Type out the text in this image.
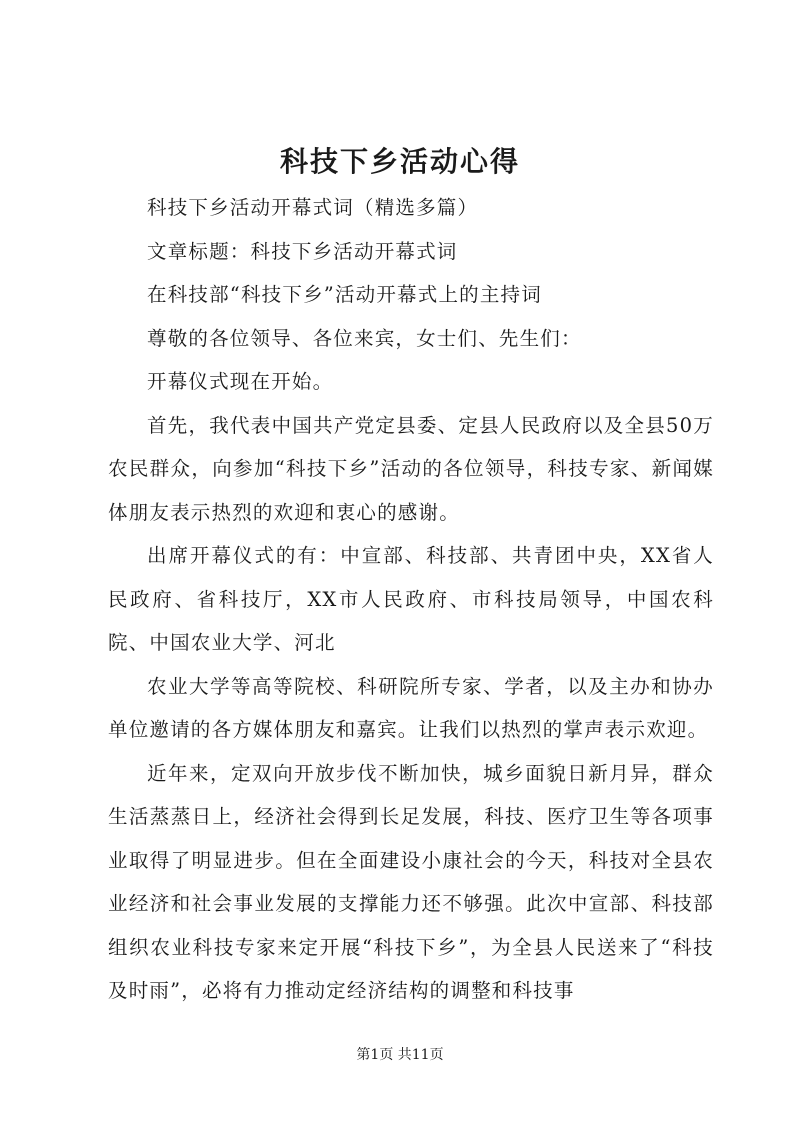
科技下乡活动心得

科技下乡活动开幕式词（精选多篇）

文章标题：科技下乡活动开幕式词

在科技部“科技下乡”活动开幕式上的主持词

尊敬的各位领导、各位来宾，女士们、先生们：

开幕仪式现在开始。

首先，我代表中国共产党定县委、定县人民政府以及全县50万农民群众，向参加“科技下乡”活动的各位领导，科技专家、新闻媒体朋友表示热烈的欢迎和衷心的感谢。

出席开幕仪式的有：中宣部、科技部、共青团中央，XX省人民政府、省科技厅，XX市人民政府、市科技局领导，中国农科院、中国农业大学、河北

农业大学等高等院校、科研院所专家、学者，以及主办和协办单位邀请的各方媒体朋友和嘉宾。让我们以热烈的掌声表示欢迎。

近年来，定双向开放步伐不断加快，城乡面貌日新月异，群众生活蒸蒸日上，经济社会得到长足发展，科技、医疗卫生等各项事业取得了明显进步。但在全面建设小康社会的今天，科技对全县农业经济和社会事业发展的支撑能力还不够强。此次中宣部、科技部组织农业科技专家来定开展“科技下乡”，为全县人民送来了“科技及时雨”，必将有力推动定经济结构的调整和科技事

第1页 共11页
